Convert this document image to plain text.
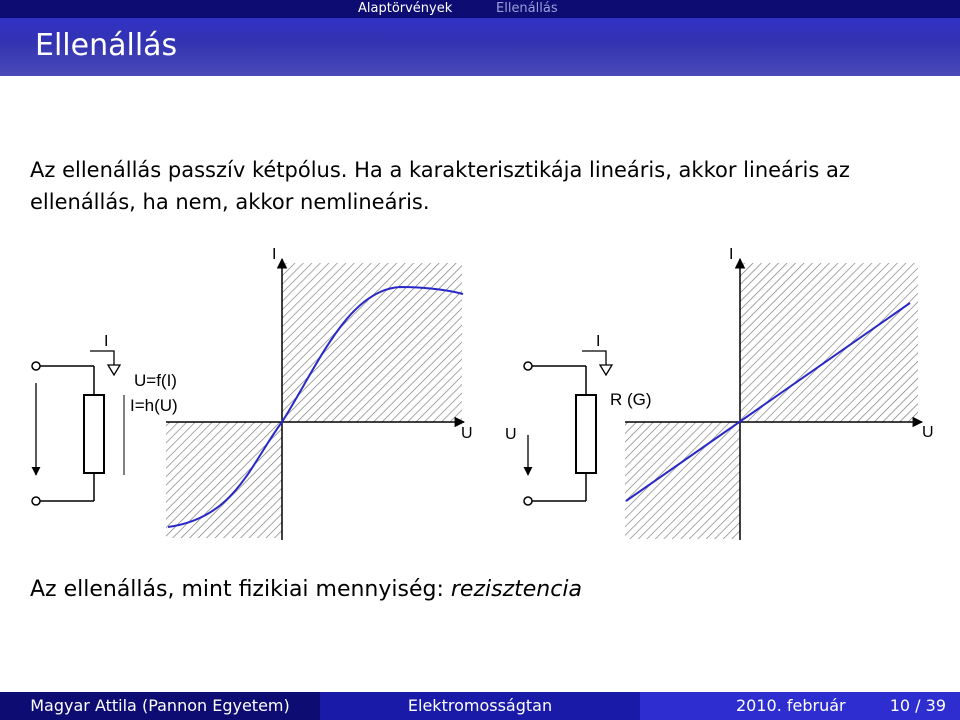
Alaptörvények	Ellenállás
Ellenállás
Az ellenállás passzív kétpólus. Ha a karakterisztikája lineáris, akkor lineáris az ellenállás, ha nem, akkor nemlineáris.
I
U=f(I)
I=h(U)
I
U
I
U
R (G)
I
U
Az ellenállás, mint fizikiai mennyiség: rezisztencia
Magyar Attila (Pannon Egyetem)	Elektromosságtan	2010. február	10 / 39
